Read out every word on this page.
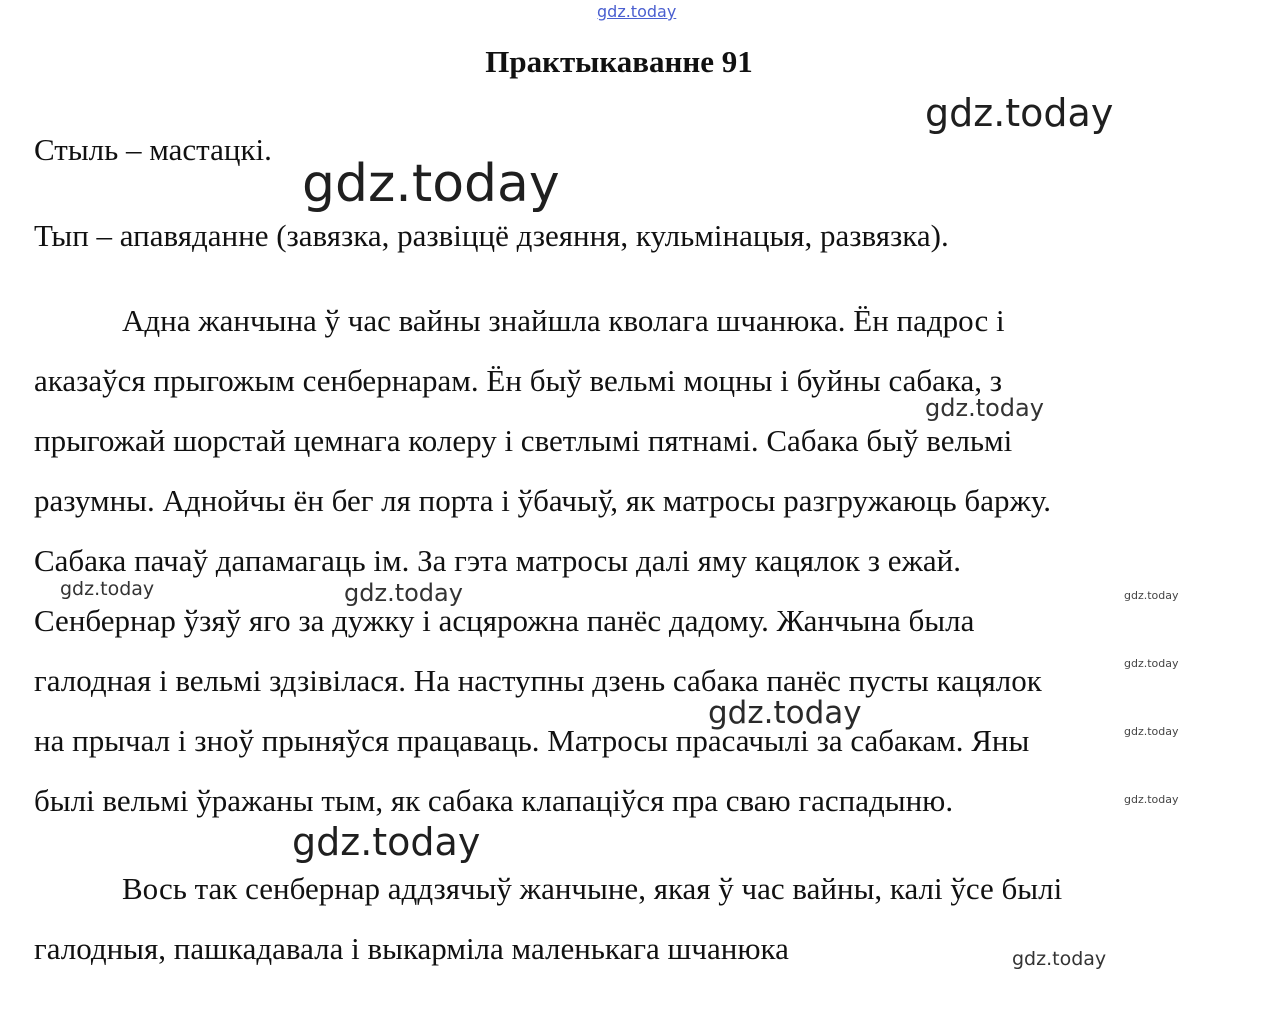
gdz.today
Практыкаванне 91
Стыль – мастацкі.
Тып – апавяданне (завязка, развіццё дзеяння, кульмінацыя, развязка).
Адна жанчына ў час вайны знайшла кволага шчанюка. Ён падрос і
аказаўся прыгожым сенбернарам. Ён быў вельмі моцны і буйны сабака, з
прыгожай шорстай цемнага колеру і светлымі пятнамі. Сабака быў вельмі
разумны. Аднойчы ён бег ля порта і ўбачыў, як матросы разгружаюць баржу.
Сабака пачаў дапамагаць ім. За гэта матросы далі яму кацялок з ежай.
Сенбернар ўзяў яго за дужку і асцярожна панёс дадому. Жанчына была
галодная і вельмі здзівілася. На наступны дзень сабака панёс пусты кацялок
на прычал і зноў прыняўся працаваць. Матросы прасачылі за сабакам. Яны
былі вельмі ўражаны тым, як сабака клапаціўся пра сваю гаспадыню.
Вось так сенбернар аддзячыў жанчыне, якая ў час вайны, калі ўсе былі
галодныя, пашкадавала і выкарміла маленькага шчанюка
gdz.today
gdz.today
gdz.today
gdz.today	gdz.today	gdz.today
gdz.today
gdz.today
gdz.today
gdz.today
gdz.today
gdz.today
